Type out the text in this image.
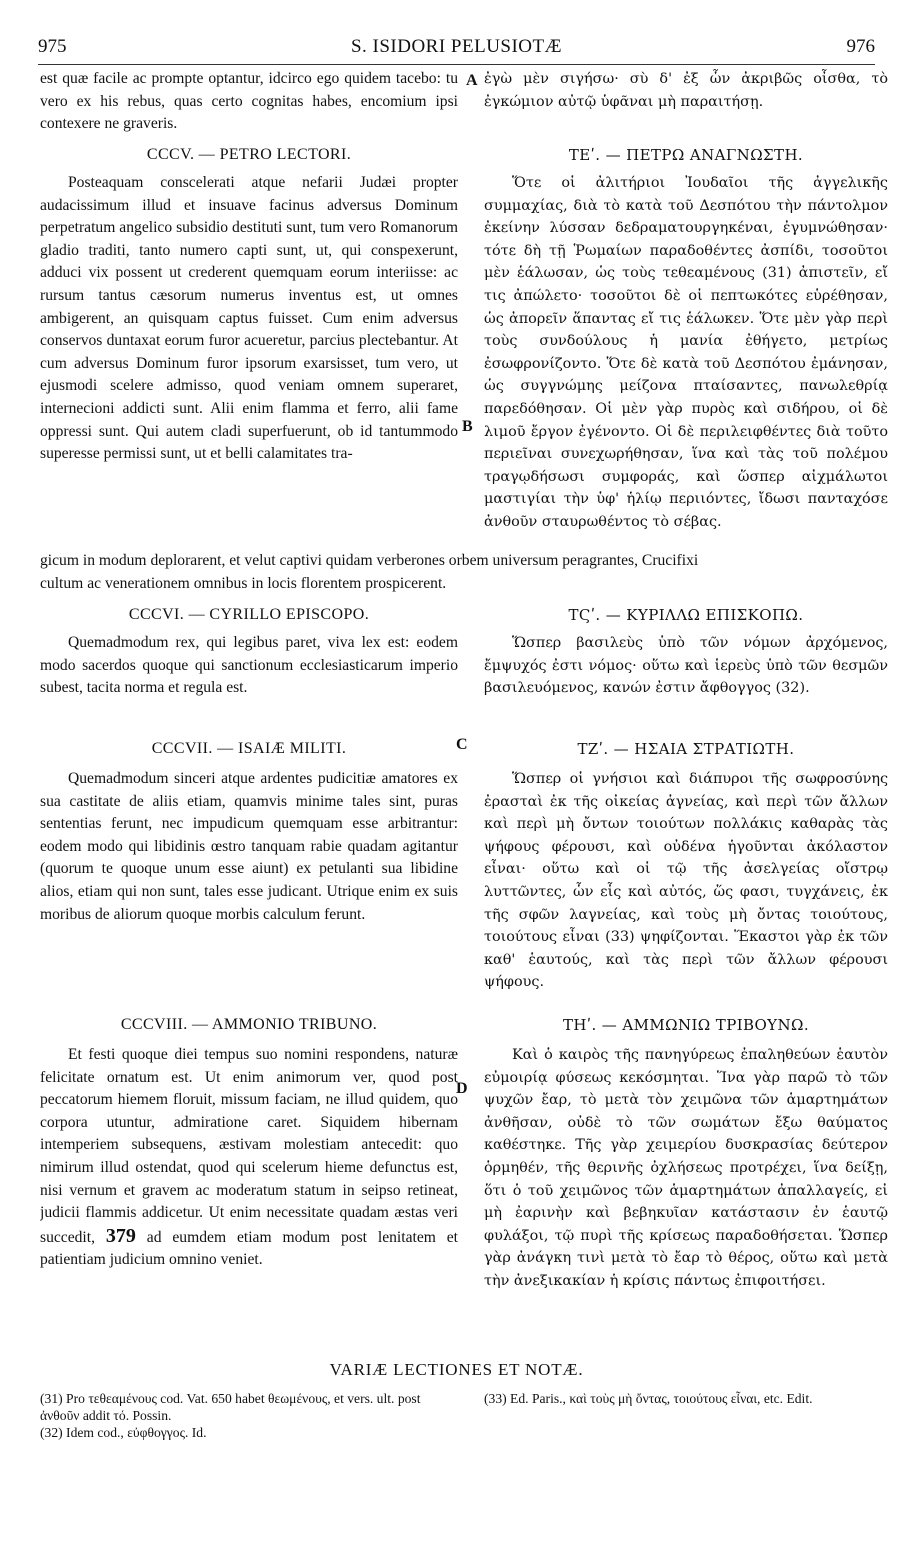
975	S. ISIDORI PELUSIOTÆ	976

est quæ facile ac prompte optantur, idcirco ego quidem tacebo: tu vero ex his rebus, quas certo cognitas habes, encomium ipsi contexere ne graveris.

A ἐγὼ μὲν σιγήσω· σὺ δ' ἐξ ὧν ἀκριβῶς οἶσθα, τὸ ἐγκώμιον αὐτῷ ὑφᾶναι μὴ παραιτήσῃ.

CCCV. — PETRO LECTORI.	ΤΕʹ. — ΠΕΤΡΩ ΑΝΑΓΝΩΣΤΗ.

Posteaquam conscelerati atque nefarii Judæi propter audacissimum illud et insuave facinus adversus Dominum perpetratum angelico subsidio destituti sunt, tum vero Romanorum gladio traditi, tanto numero capti sunt, ut, qui conspexerunt, adduci vix possent ut crederent quemquam eorum interiisse: ac rursum tantus cæsorum numerus inventus est, ut omnes ambigerent, an quisquam captus fuisset. Cum enim adversus conservos duntaxat eorum furor acueretur, parcius plectebantur. At cum adversus Dominum furor ipsorum exarsisset, tum vero, ut ejusmodi scelere admisso, quod veniam omnem superaret, internecioni addicti sunt. Alii enim flamma et ferro, alii fame oppressi sunt. Qui autem cladi superfuerunt, ob id tantummodo superesse permissi sunt, ut et belli calamitates tra-

B

Ὅτε οἱ ἀλιτήριοι Ἰουδαῖοι τῆς ἀγγελικῆς συμμαχίας, διὰ τὸ κατὰ τοῦ Δεσπότου τὴν πάντολμον ἐκείνην λύσσαν δεδραματουργηκέναι, ἐγυμνώθησαν· τότε δὴ τῇ Ῥωμαίων παραδοθέντες ἀσπίδι, τοσοῦτοι μὲν ἑάλωσαν, ὡς τοὺς τεθεαμένους (31) ἀπιστεῖν, εἴ τις ἀπώλετο· τοσοῦτοι δὲ οἱ πεπτωκότες εὑρέθησαν, ὡς ἀπορεῖν ἅπαντας εἴ τις ἑάλωκεν. Ὅτε μὲν γὰρ περὶ τοὺς συνδούλους ἡ μανία ἐθήγετο, μετρίως ἐσωφρονίζοντο. Ὅτε δὲ κατὰ τοῦ Δεσπότου ἐμάνησαν, ὡς συγγνώμης μείζονα πταίσαντες, πανωλεθρίᾳ παρεδόθησαν. Οἱ μὲν γὰρ πυρὸς καὶ σιδήρου, οἱ δὲ λιμοῦ ἔργον ἐγένοντο. Οἱ δὲ περιλειφθέντες διὰ τοῦτο περιεῖναι συνεχωρήθησαν, ἵνα καὶ τὰς τοῦ πολέμου τραγῳδήσωσι συμφοράς, καὶ ὥσπερ αἰχμάλωτοι μαστιγίαι τὴν ὑφ' ἡλίῳ περιιόντες, ἴδωσι πανταχόσε ἀνθοῦν σταυρωθέντος τὸ σέβας.

gicum in modum deplorarent, et velut captivi quidam verberones orbem universum peragrantes, Crucifixi
cultum ac venerationem omnibus in locis florentem prospicerent.
CCCVI. — CYRILLO EPISCOPO.	ΤϚʹ. — ΚΥΡΙΛΛΩ ΕΠΙΣΚΟΠΩ.

Quemadmodum rex, qui legibus paret, viva lex est: eodem modo sacerdos quoque qui sanctionum ecclesiasticarum imperio subest, tacita norma et regula est.

Ὥσπερ βασιλεὺς ὑπὸ τῶν νόμων ἀρχόμενος, ἔμψυχός ἐστι νόμος· οὕτω καὶ ἱερεὺς ὑπὸ τῶν θεσμῶν βασιλευόμενος, κανών ἐστιν ἄφθογγος (32).

C
CCCVII. — ISAIÆ MILITI.	ΤΖʹ. — ΗΣΑΙΑ ΣΤΡΑΤΙΩΤΗ.

Quemadmodum sinceri atque ardentes pudicitiæ amatores ex sua castitate de aliis etiam, quamvis minime tales sint, puras sententias ferunt, nec impudicum quemquam esse arbitrantur: eodem modo qui libidinis œstro tanquam rabie quadam agitantur (quorum te quoque unum esse aiunt) ex petulanti sua libidine alios, etiam qui non sunt, tales esse judicant. Utrique enim ex suis moribus de aliorum quoque morbis calculum ferunt.

Ὥσπερ οἱ γνήσιοι καὶ διάπυροι τῆς σωφροσύνης ἐρασταὶ ἐκ τῆς οἰκείας ἁγνείας, καὶ περὶ τῶν ἄλλων καὶ περὶ μὴ ὄντων τοιούτων πολλάκις καθαρὰς τὰς ψήφους φέρουσι, καὶ οὐδένα ἡγοῦνται ἀκόλαστον εἶναι· οὕτω καὶ οἱ τῷ τῆς ἀσελγείας οἴστρῳ λυττῶντες, ὧν εἷς καὶ αὐτός, ὥς φασι, τυγχάνεις, ἐκ τῆς σφῶν λαγνείας, καὶ τοὺς μὴ ὄντας τοιούτους, τοιούτους εἶναι (33) ψηφίζονται. Ἕκαστοι γὰρ ἐκ τῶν καθ' ἑαυτούς, καὶ τὰς περὶ τῶν ἄλλων φέρουσι ψήφους.

CCCVIII. — AMMONIO TRIBUNO.	ΤΗʹ. — ΑΜΜΩΝΙΩ ΤΡΙΒΟΥΝΩ.

Et festi quoque diei tempus suo nomini respondens, naturæ felicitate ornatum est. Ut enim animorum ver, quod post peccatorum hiemem floruit, missum faciam, ne illud quidem, quo corpora utuntur, admiratione caret. Siquidem hibernam intemperiem subsequens, æstivam molestiam antecedit: quo nimirum illud ostendat, quod qui scelerum hieme defunctus est, nisi vernum et gravem ac moderatum statum in seipso retineat, judicii flammis addicetur. Ut enim necessitate quadam æstas veri succedit, 379 ad eumdem etiam modum post lenitatem et patientiam judicium omnino veniet.

D

Καὶ ὁ καιρὸς τῆς πανηγύρεως ἐπαληθεύων ἑαυτὸν εὐμοιρίᾳ φύσεως κεκόσμηται. Ἵνα γὰρ παρῶ τὸ τῶν ψυχῶν ἔαρ, τὸ μετὰ τὸν χειμῶνα τῶν ἁμαρτημάτων ἀνθῆσαν, οὐδὲ τὸ τῶν σωμάτων ἔξω θαύματος καθέστηκε. Τῆς γὰρ χειμερίου δυσκρασίας δεύτερον ὁρμηθέν, τῆς θερινῆς ὀχλήσεως προτρέχει, ἵνα δείξῃ, ὅτι ὁ τοῦ χειμῶνος τῶν ἁμαρτημάτων ἀπαλλαγείς, εἰ μὴ ἐαρινὴν καὶ βεβηκυῖαν κατάστασιν ἐν ἑαυτῷ φυλάξοι, τῷ πυρὶ τῆς κρίσεως παραδοθήσεται. Ὥσπερ γὰρ ἀνάγκη τινὶ μετὰ τὸ ἔαρ τὸ θέρος, οὕτω καὶ μετὰ τὴν ἀνεξικακίαν ἡ κρίσις πάντως ἐπιφοιτήσει.

VARIÆ LECTIONES ET NOTÆ.
(31) Pro τεθεαμένους cod. Vat. 650 habet θεωμένους, et vers. ult. post ἀνθοῦν addit τό. Possin.
(32) Idem cod., εὐφθογγος. Id.
(33) Ed. Paris., καὶ τοὺς μὴ ὄντας, τοιούτους εἶναι, etc. Edit.
